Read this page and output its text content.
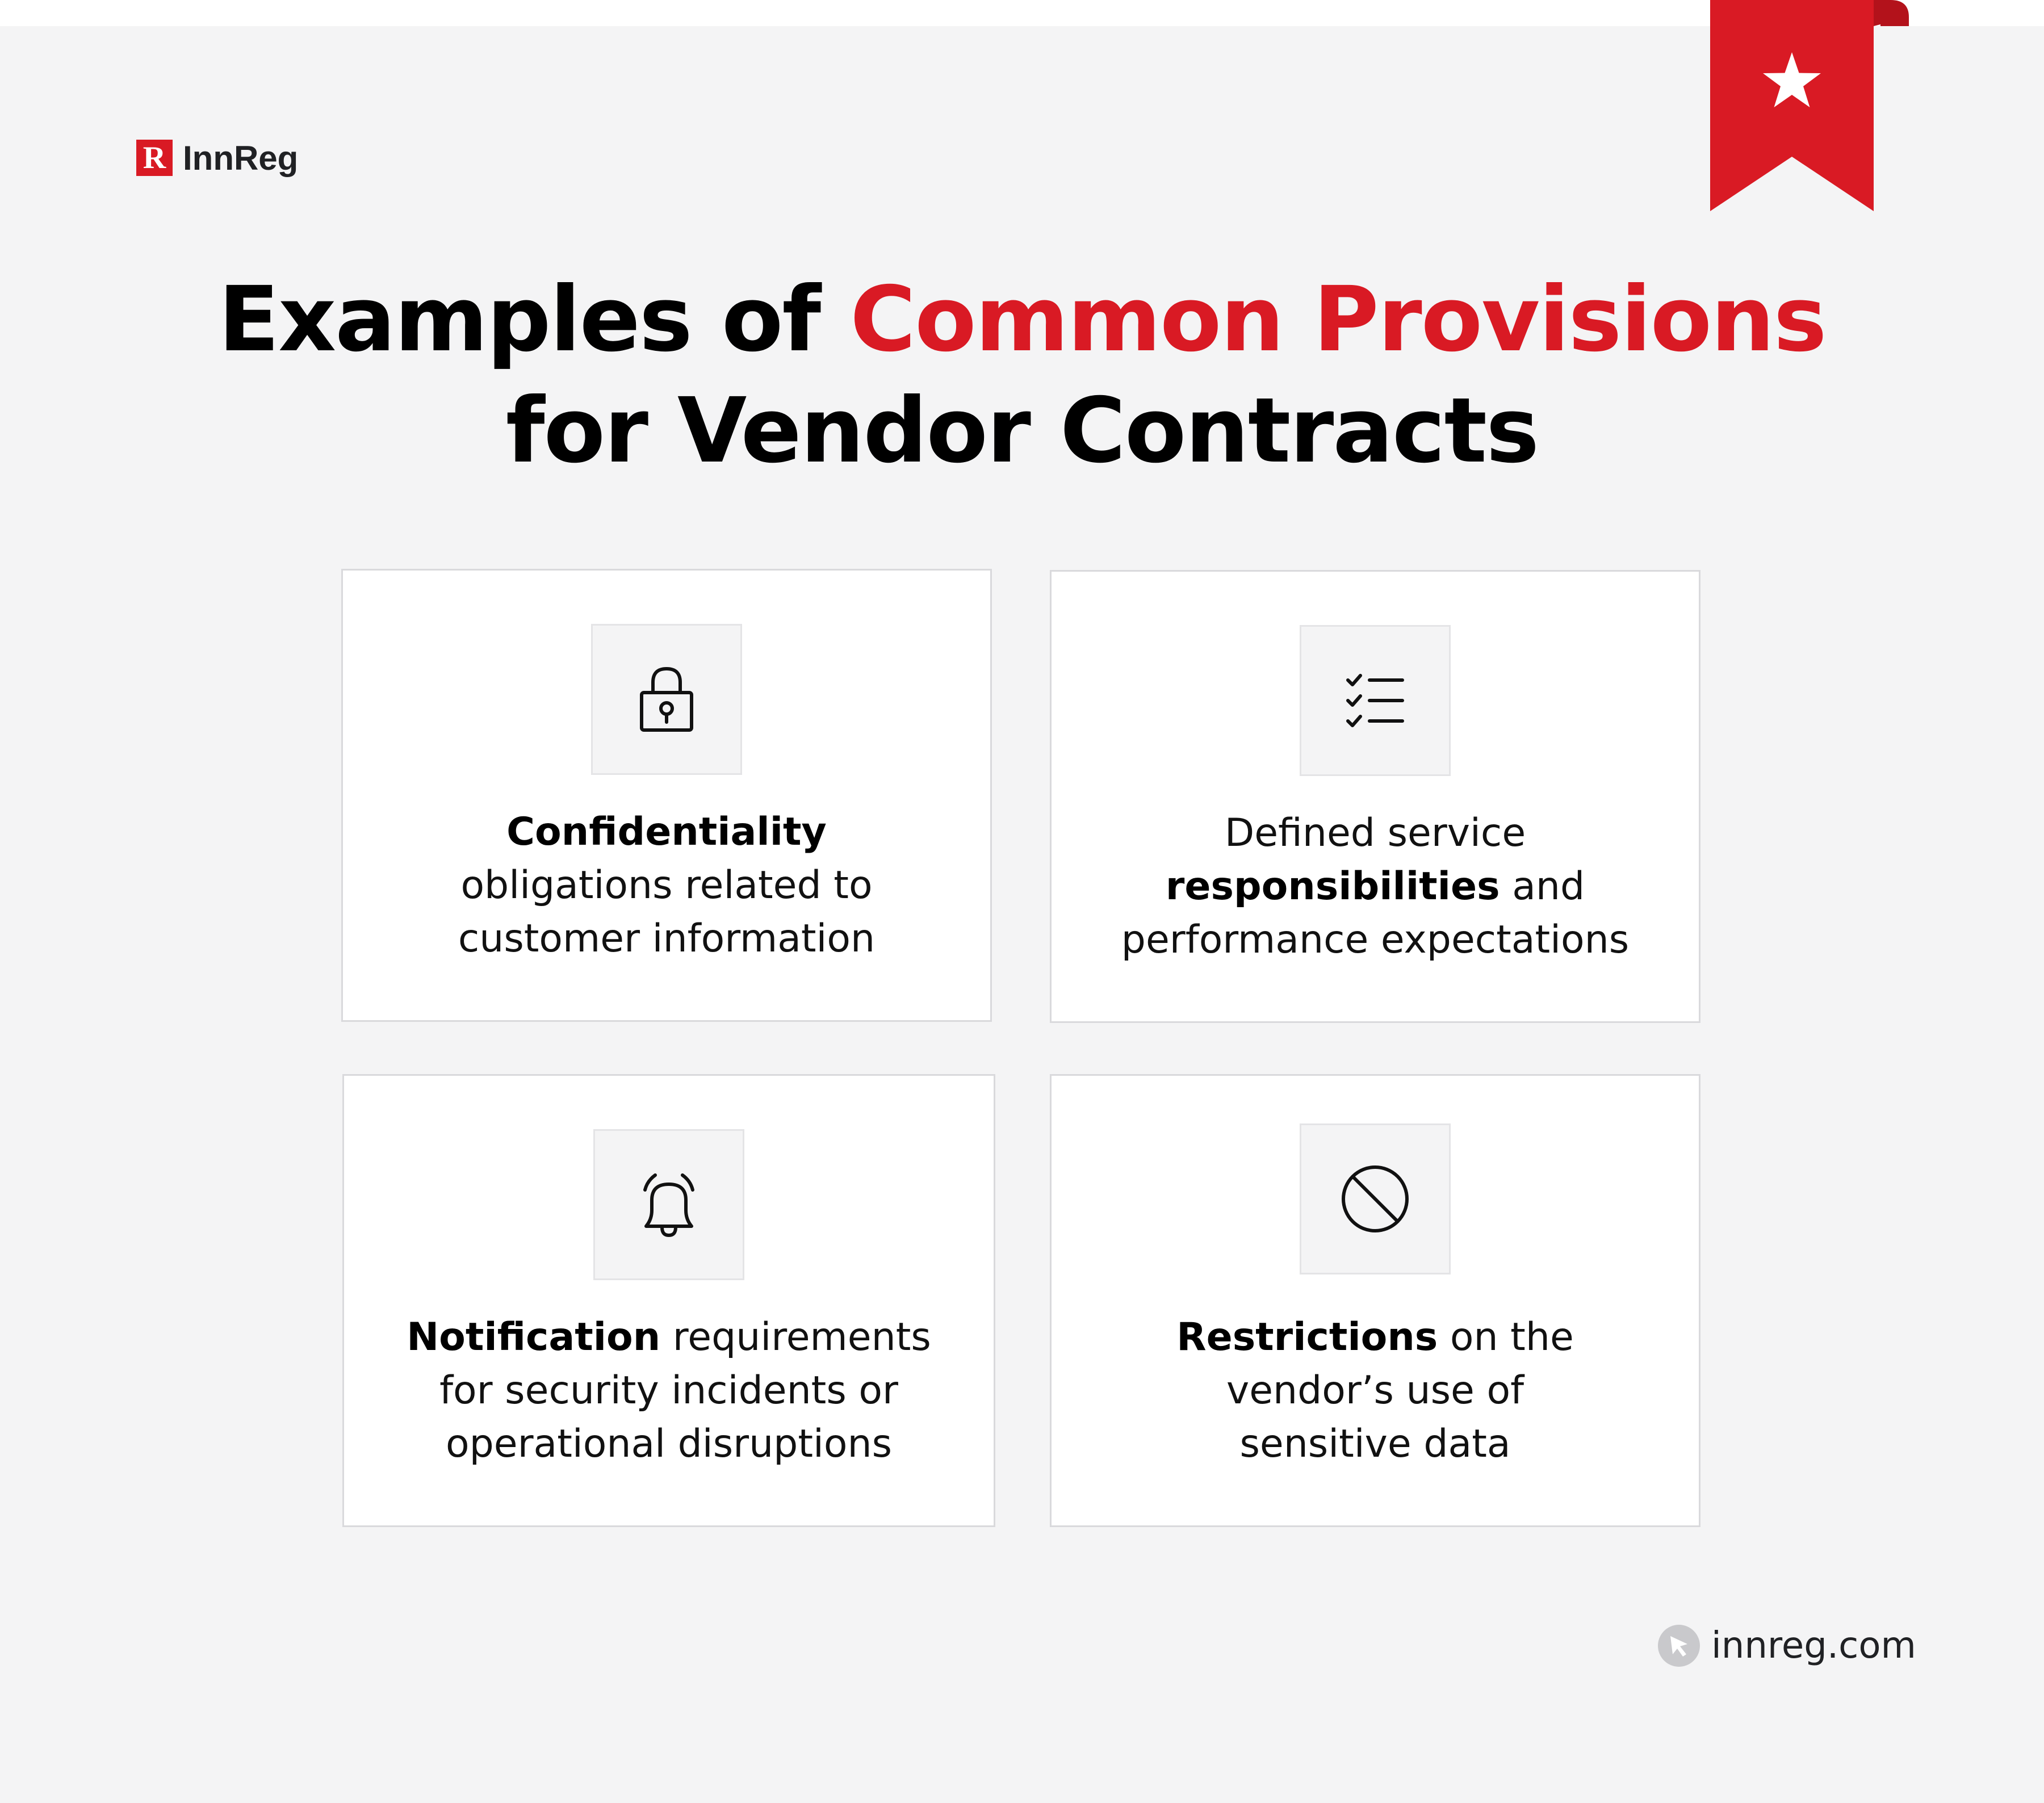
R InnReg
Examples of Common Provisions
for Vendor Contracts
Confidentiality
obligations related to
customer information
Defined service
responsibilities and
performance expectations
Notification requirements
for security incidents or
operational disruptions
Restrictions on the
vendor’s use of
sensitive data
innreg.com
